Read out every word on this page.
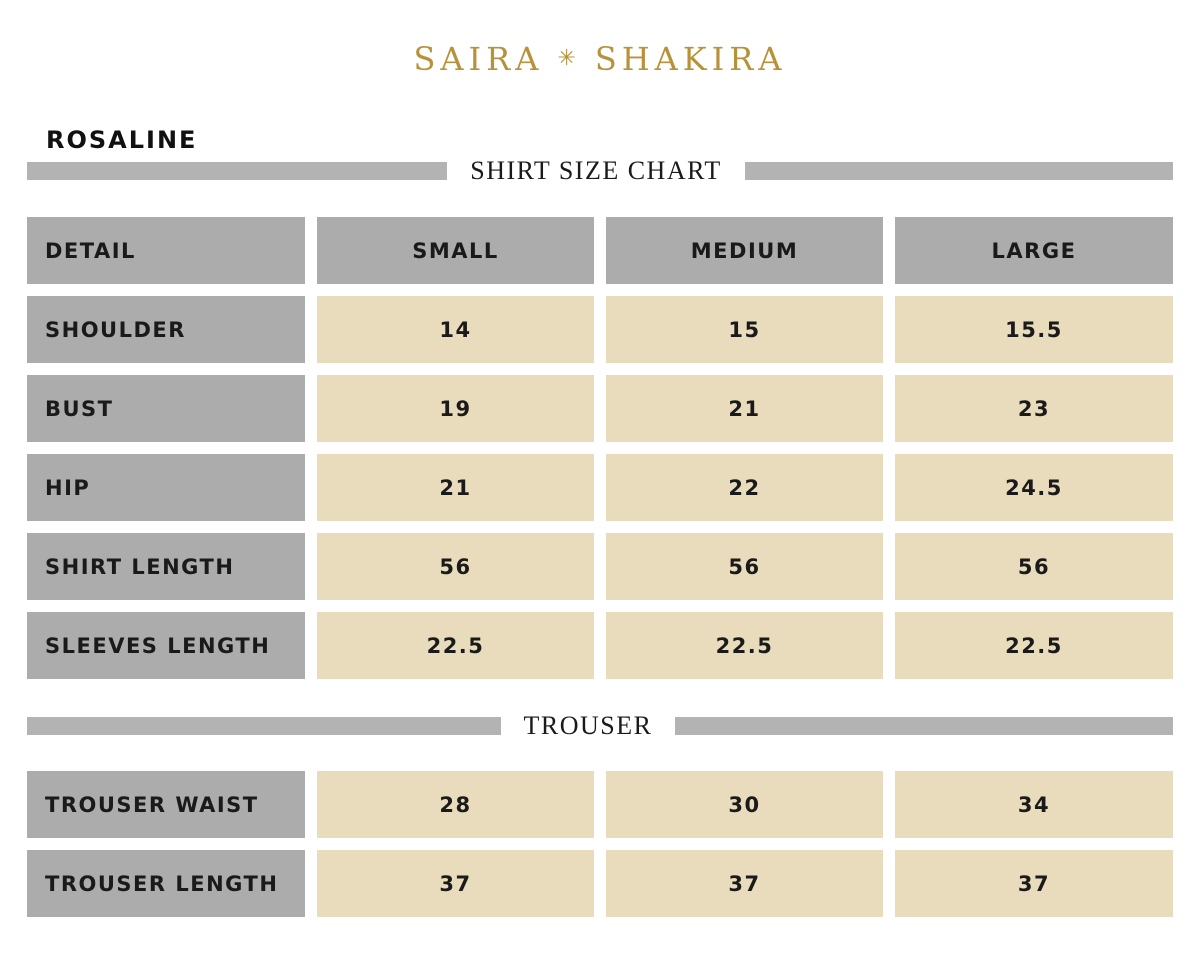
SAIRA ✳ SHAKIRA
ROSALINE
SHIRT SIZE CHART
DETAIL	SMALL	MEDIUM	LARGE
SHOULDER	14	15	15.5
BUST	19	21	23
HIP	21	22	24.5
SHIRT LENGTH	56	56	56
SLEEVES LENGTH	22.5	22.5	22.5
TROUSER
TROUSER WAIST	28	30	34
TROUSER LENGTH	37	37	37
